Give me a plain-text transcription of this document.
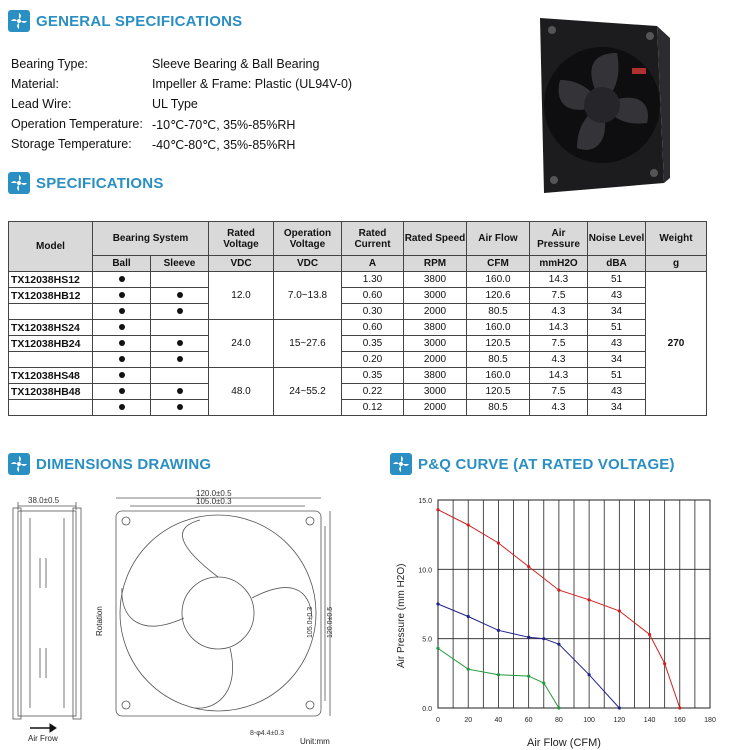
GENERAL SPECIFICATIONS
Bearing Type:	Sleeve Bearing & Ball Bearing
Material:	Impeller & Frame: Plastic (UL94V-0)
Lead Wire:	UL Type
Operation Temperature: -10℃-70℃, 35%-85%RH
Storage Temperature:	-40℃-80℃, 35%-85%RH
SPECIFICATIONS
Model	Bearing System		Rated Voltage	Operation Voltage	Rated Current	Rated Speed	Air Flow	Air Pressure	Noise Level	Weight
	Ball	Sleeve	VDC	VDC	A	RPM	CFM	mmH2O	dBA	g
TX12038HS12			12.0	7.0~13.8	1.30	3800	160.0	14.3	51	270
TX12038HB12					0.60	3000	120.6	7.5	43	
					0.30	2000	80.5	4.3	34	
TX12038HS24			24.0	15~27.6	0.60	3800	160.0	14.3	51	
TX12038HB24					0.35	3000	120.5	7.5	43	
					0.20	2000	80.5	4.3	34	
TX12038HS48			48.0	24~55.2	0.35	3800	160.0	14.3	51	
TX12038HB48					0.22	3000	120.5	7.5	43	
					0.12	2000	80.5	4.3	34	
DIMENSIONS DRAWING
38.0±0.5
Air Frow
120.0±0.5
105.0±0.3
105.0±0.3 120.0±0.5
Rotation
8-φ4.4±0.3
Unit:mm
P&Q CURVE (AT RATED VOLTAGE)
0	20	40	60	80	100	120	140	160	180
0.0
5.0
10.0
15.0
Air Pressure (mm H2O)
Air Flow (CFM)
